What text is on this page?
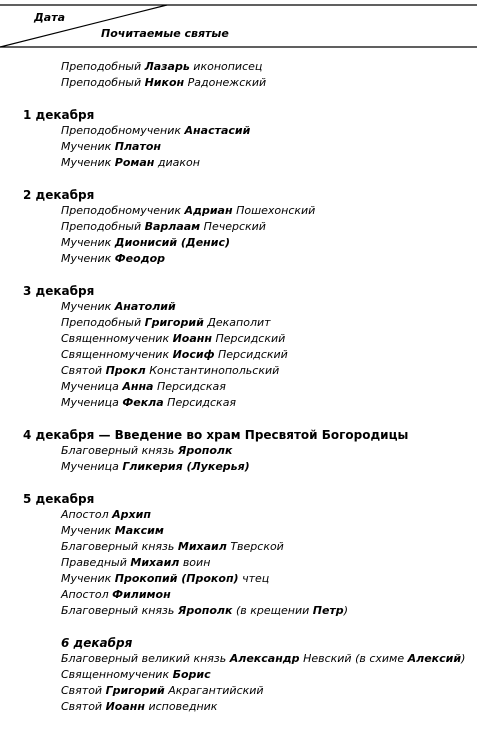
Дата
Почитаемые святые
Преподобный Лазарь иконописец
Преподобный Никон Радонежский
1 декабря
Преподобномученик Анастасий
Мученик Платон
Мученик Роман диакон
2 декабря
Преподобномученик Адриан Пошехонский
Преподобный Варлаам Печерский
Мученик Дионисий (Денис)
Мученик Феодор
3 декабря
Мученик Анатолий
Преподобный Григорий Декаполит
Священномученик Иоанн Персидский
Священномученик Иосиф Персидский
Святой Прокл Константинопольский
Мученица Анна Персидская
Мученица Фекла Персидская
4 декабря — Введение во храм Пресвятой Богородицы
Благоверный князь Ярополк
Мученица Гликерия (Лукерья)
5 декабря
Апостол Архип
Мученик Максим
Благоверный князь Михаил Тверской
Праведный Михаил воин
Мученик Прокопий (Прокоп) чтец
Апостол Филимон
Благоверный князь Ярополк (в крещении Петр)
6 декабря
Благоверный великий князь Александр Невский (в схиме Алексий)
Священномученик Борис
Святой Григорий Акрагантийский
Святой Иоанн исповедник
